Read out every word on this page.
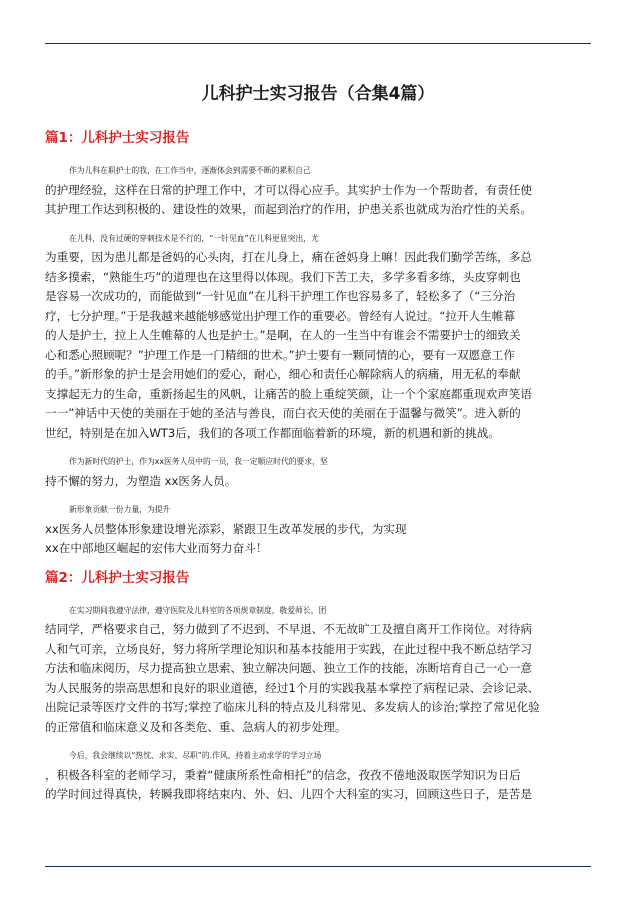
儿科护士实习报告（合集4篇）
篇1：儿科护士实习报告
作为儿科在职护士的我，在工作当中，逐渐体会到需要不断的累积自己
的护理经验，这样在日常的护理工作中，才可以得心应手。其实护士作为一个帮助者，有责任使
其护理工作达到积极的、建设性的效果，而起到治疗的作用，护患关系也就成为治疗性的关系。
在儿科，没有过硬的穿刺技术是不行的，“一针见血”在儿科更显突出，尤
为重要，因为患儿都是爸妈的心头肉，打在儿身上，痛在爸妈身上嘛！因此我们勤学苦练，多总
结多摸索，“熟能生巧”的道理也在这里得以体现。我们下苦工夫，多学多看多练，头皮穿刺也
是容易一次成功的，而能做到“一针见血”在儿科干护理工作也容易多了，轻松多了（“三分治
疗，七分护理。”于是我越来越能够感觉出护理工作的重要必。曾经有人说过。“拉开人生帷幕
的人是护士，拉上人生帷幕的人也是护士。”是啊，在人的一生当中有谁会不需要护士的细致关
心和悉心照顾呢？”护理工作是一门精细的世术。”护士要有一颗同情的心，要有一双愿意工作
的手。”新形象的护士是会用她们的爱心，耐心，细心和责任心解除病人的病痛，用无私的奉献
支撑起无力的生命，重新扬起生的风帆，让痛苦的脸上重绽笑颜，让一个个家庭都重现欢声笑语
一一”神话中天使的美丽在于她的圣洁与善良，而白衣天使的美丽在于温馨与微笑”。进入新的
世纪，特别是在加入WT3后，我们的各项工作都面临着新的环境，新的机遇和新的挑战。
作为新时代的护士，作为xx医务人员中的一员，我一定顺应时代的要求，坚
持不懈的努力，为塑造 xx医务人员。
新形象贡献一份力量，为提升
xx医务人员整体形象建设增光添彩，紧跟卫生改革发展的步代，为实现
xx在中部地区崛起的宏伟大业而努力奋斗！
篇2：儿科护士实习报告
在实习期间我遵守法律，遵守医院及儿科室的各项规章制度，敬爱师长，团
结同学，严格要求自己，努力做到了不迟到、不早退、不无故旷工及擅自离开工作岗位。对待病
人和气可亲，立场良好，努力将所学理论知识和基本技能用于实践，在此过程中我不断总结学习
方法和临床阅历，尽力提高独立思索、独立解决问题、独立工作的技能，冻断培育自己一心一意
为人民服务的崇高思想和良好的职业道德，经过1个月的实践我基本掌控了病程记录、会诊记录、
出院记录等医疗文件的书写;掌控了临床儿科的特点及儿科常见、多发病人的诊治;掌控了常见化验
的正常值和临床意义及和各类危、重、急病人的初步处理。
今后，我会继续以“热忱、求实、尽职”的.作风，持着主动求学的学习立场
，积极各科室的老师学习，秉着“健康所系性命相托”的信念，孜孜不倦地汲取医学知识为日后
的学时间过得真快，转瞬我即将结束内、外、妇、儿四个大科室的实习，回顾这些日子，是苦是
